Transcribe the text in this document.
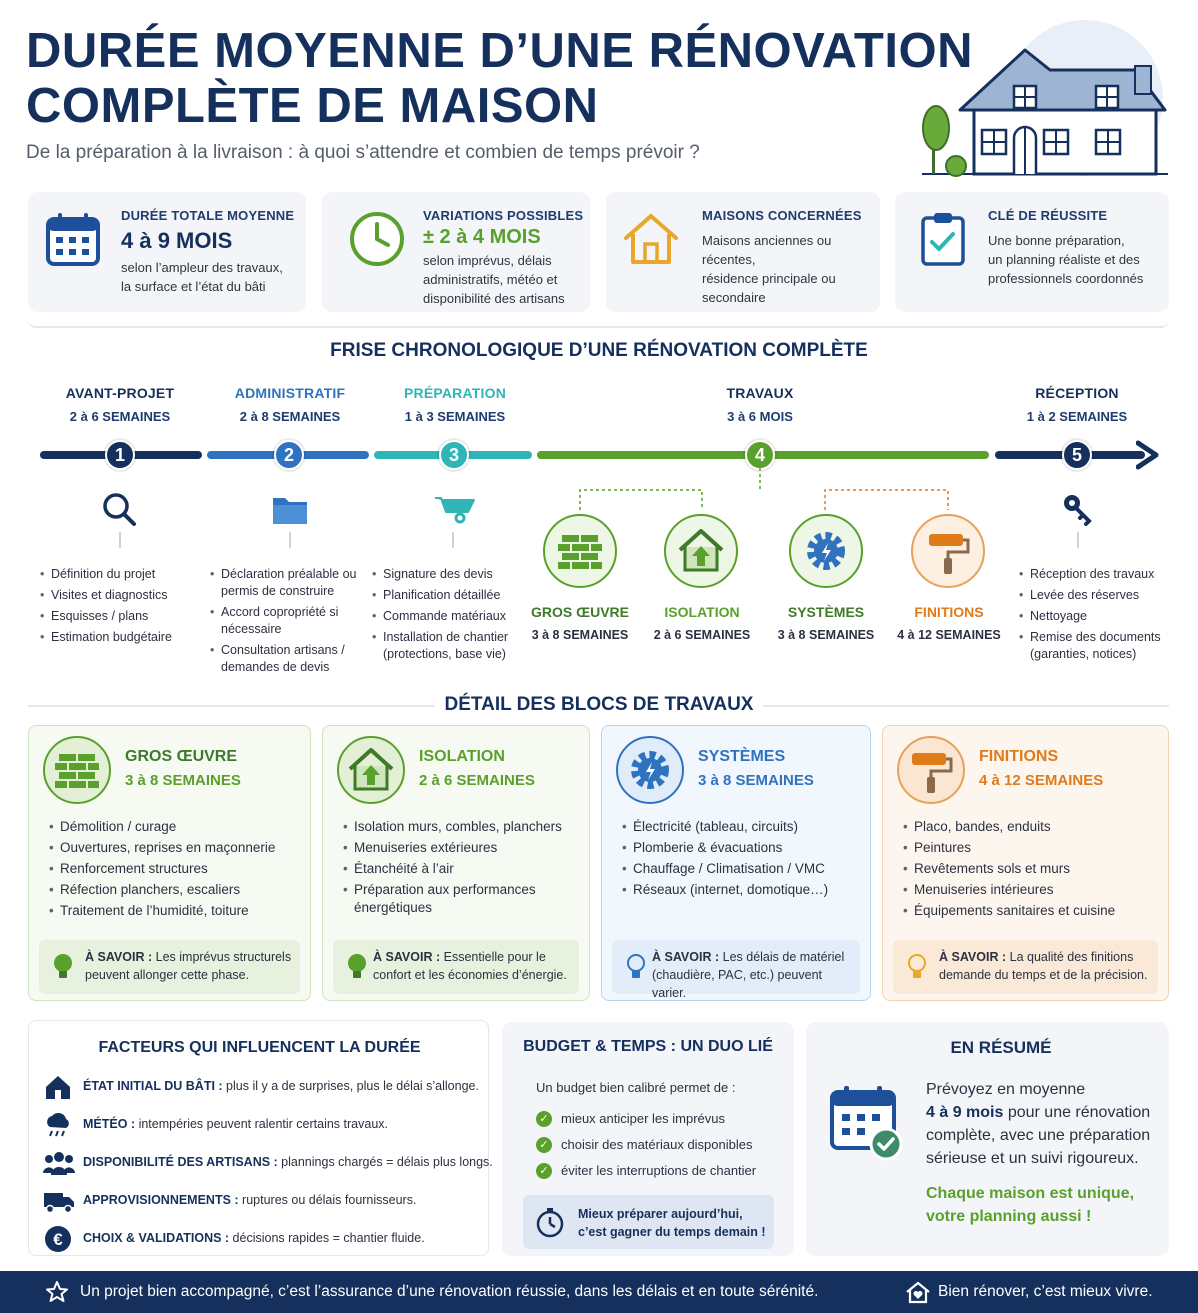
DURÉE MOYENNE D’UNE RÉNOVATION
COMPLÈTE DE MAISON
De la préparation à la livraison : à quoi s’attendre et combien de temps prévoir ?
DURÉE TOTALE MOYENNE
4 à 9 MOIS
selon l’ampleur des travaux,
la surface et l’état du bâti
VARIATIONS POSSIBLES
± 2 à 4 MOIS
selon imprévus, délais
administratifs, météo et
disponibilité des artisans
MAISONS CONCERNÉES
Maisons anciennes ou récentes,
résidence principale ou
secondaire
CLÉ DE RÉUSSITE
Une bonne préparation,
un planning réaliste et des
professionnels coordonnés
FRISE CHRONOLOGIQUE D’UNE RÉNOVATION COMPLÈTE
AVANT-PROJET
2 à 6 SEMAINES
ADMINISTRATIF
2 à 8 SEMAINES
PRÉPARATION
1 à 3 SEMAINES
TRAVAUX
3 à 6 MOIS
RÉCEPTION
1 à 2 SEMAINES
1	2	3	4	5
• Définition du projet
• Visites et diagnostics
• Esquisses / plans
• Estimation budgétaire
• Déclaration préalable ou permis de construire
• Accord copropriété si nécessaire
• Consultation artisans / demandes de devis
• Signature des devis
• Planification détaillée
• Commande matériaux
• Installation de chantier (protections, base vie)
• Réception des travaux
• Levée des réserves
• Nettoyage
• Remise des documents (garanties, notices)
GROS ŒUVRE
3 à 8 SEMAINES
ISOLATION
2 à 6 SEMAINES
SYSTÈMES
3 à 8 SEMAINES
FINITIONS
4 à 12 SEMAINES
DÉTAIL DES BLOCS DE TRAVAUX
GROS ŒUVRE
3 à 8 SEMAINES
• Démolition / curage
• Ouvertures, reprises en maçonnerie
• Renforcement structures
• Réfection planchers, escaliers
• Traitement de l’humidité, toiture
À SAVOIR : Les imprévus structurels peuvent allonger cette phase.
ISOLATION
2 à 6 SEMAINES
• Isolation murs, combles, planchers
• Menuiseries extérieures
• Étanchéité à l’air
• Préparation aux performances énergétiques
À SAVOIR : Essentielle pour le confort et les économies d’énergie.
SYSTÈMES
3 à 8 SEMAINES
• Électricité (tableau, circuits)
• Plomberie & évacuations
• Chauffage / Climatisation / VMC
• Réseaux (internet, domotique…)
À SAVOIR : Les délais de matériel (chaudière, PAC, etc.) peuvent varier.
FINITIONS
4 à 12 SEMAINES
• Placo, bandes, enduits
• Peintures
• Revêtements sols et murs
• Menuiseries intérieures
• Équipements sanitaires et cuisine
À SAVOIR : La qualité des finitions demande du temps et de la précision.
FACTEURS QUI INFLUENCENT LA DURÉE
ÉTAT INITIAL DU BÂTI : plus il y a de surprises, plus le délai s’allonge.
MÉTÉO : intempéries peuvent ralentir certains travaux.
DISPONIBILITÉ DES ARTISANS : plannings chargés = délais plus longs.
APPROVISIONNEMENTS : ruptures ou délais fournisseurs.
€ CHOIX & VALIDATIONS : décisions rapides = chantier fluide.
BUDGET & TEMPS : UN DUO LIÉ
Un budget bien calibré permet de :
✓ mieux anticiper les imprévus
✓ choisir des matériaux disponibles
✓ éviter les interruptions de chantier
Mieux préparer aujourd’hui,
c’est gagner du temps demain !
EN RÉSUMÉ
Prévoyez en moyenne
4 à 9 mois pour une rénovation
complète, avec une préparation
sérieuse et un suivi rigoureux.
Chaque maison est unique,
votre planning aussi !
Un projet bien accompagné, c’est l’assurance d’une rénovation réussie, dans les délais et en toute sérénité.	Bien rénover, c’est mieux vivre.
